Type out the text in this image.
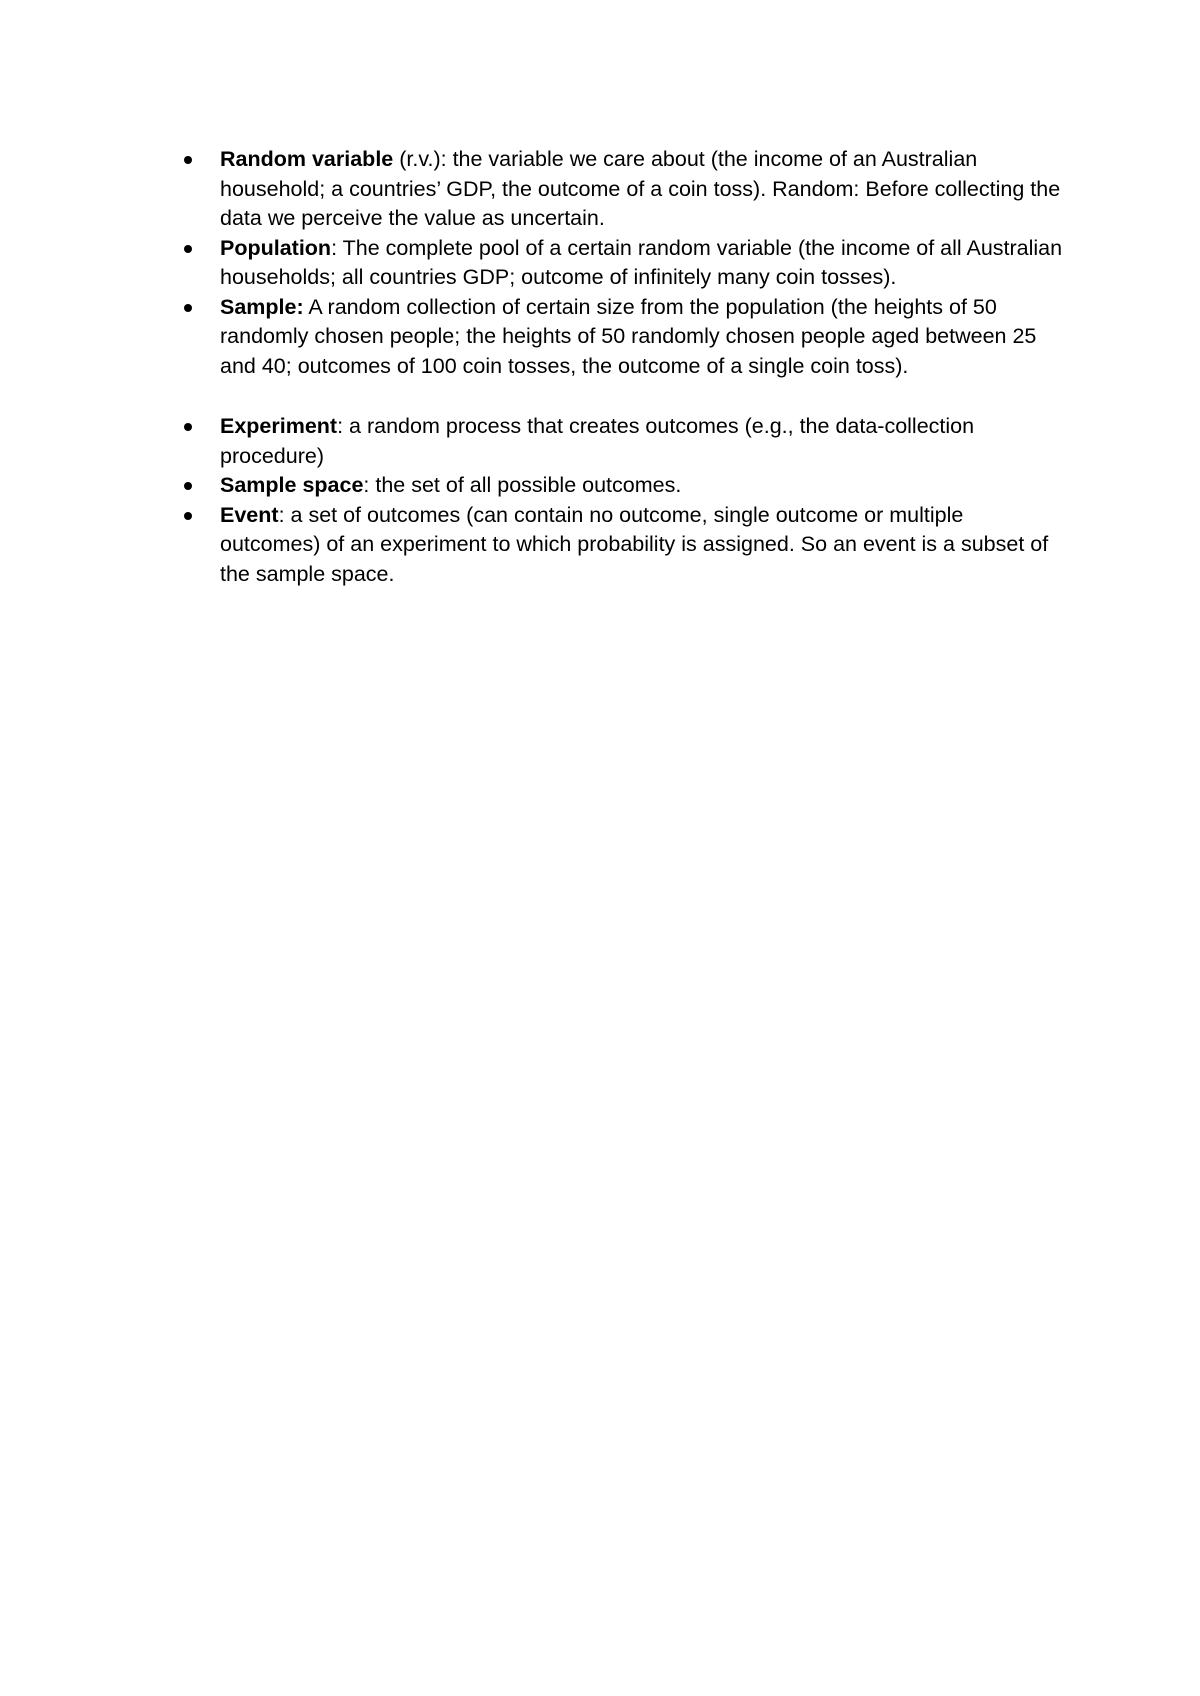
Random variable (r.v.): the variable we care about (the income of an Australian household; a countries’ GDP, the outcome of a coin toss). Random: Before collecting the data we perceive the value as uncertain.
Population: The complete pool of a certain random variable (the income of all Australian households; all countries GDP; outcome of infinitely many coin tosses).
Sample: A random collection of certain size from the population (the heights of 50 randomly chosen people; the heights of 50 randomly chosen people aged between 25 and 40; outcomes of 100 coin tosses, the outcome of a single coin toss).
Experiment: a random process that creates outcomes (e.g., the data-collection procedure)
Sample space: the set of all possible outcomes.
Event: a set of outcomes (can contain no outcome, single outcome or multiple outcomes) of an experiment to which probability is assigned. So an event is a subset of the sample space.
